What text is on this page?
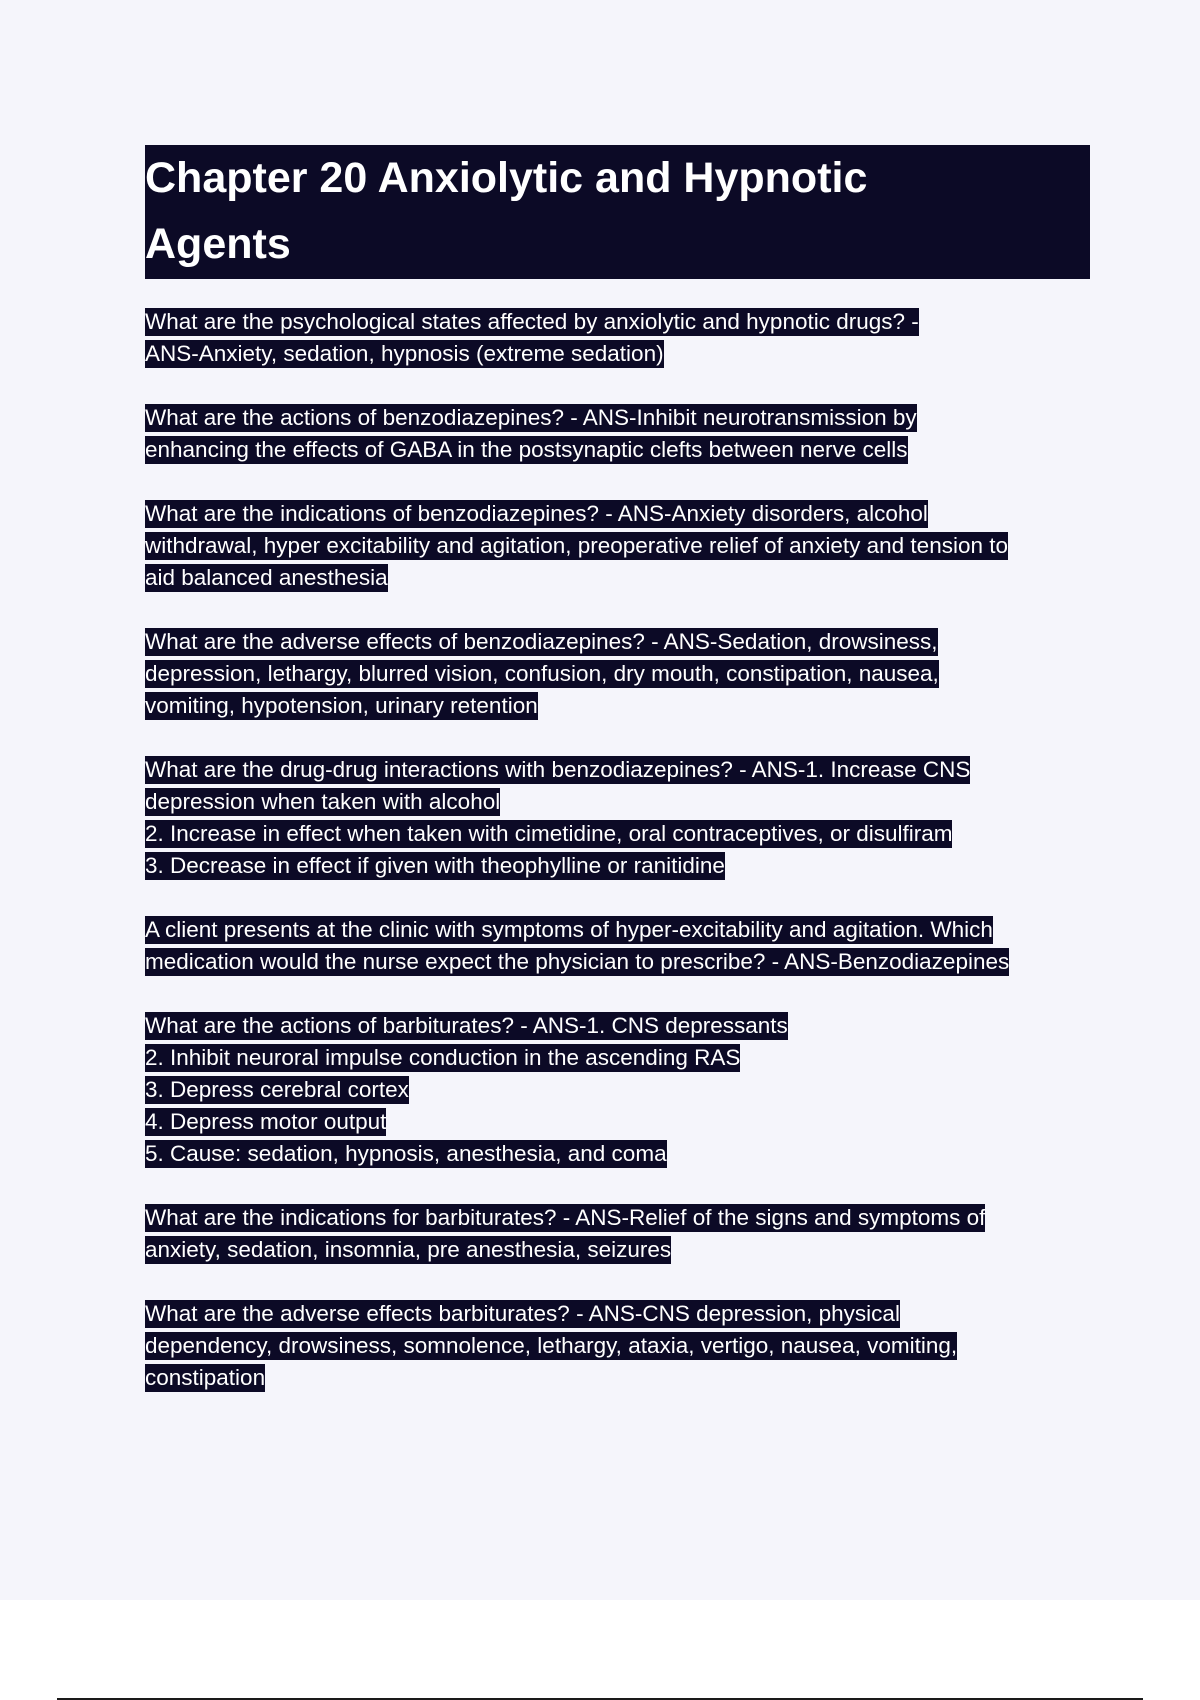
Chapter 20 Anxiolytic and Hypnotic
Agents
What are the psychological states affected by anxiolytic and hypnotic drugs? -
ANS-Anxiety, sedation, hypnosis (extreme sedation)
What are the actions of benzodiazepines? - ANS-Inhibit neurotransmission by
enhancing the effects of GABA in the postsynaptic clefts between nerve cells
What are the indications of benzodiazepines? - ANS-Anxiety disorders, alcohol
withdrawal, hyper excitability and agitation, preoperative relief of anxiety and tension to
aid balanced anesthesia
What are the adverse effects of benzodiazepines? - ANS-Sedation, drowsiness,
depression, lethargy, blurred vision, confusion, dry mouth, constipation, nausea,
vomiting, hypotension, urinary retention
What are the drug-drug interactions with benzodiazepines? - ANS-1. Increase CNS
depression when taken with alcohol
2. Increase in effect when taken with cimetidine, oral contraceptives, or disulfiram
3. Decrease in effect if given with theophylline or ranitidine
A client presents at the clinic with symptoms of hyper-excitability and agitation. Which
medication would the nurse expect the physician to prescribe? - ANS-Benzodiazepines
What are the actions of barbiturates? - ANS-1. CNS depressants
2. Inhibit neuroral impulse conduction in the ascending RAS
3. Depress cerebral cortex
4. Depress motor output
5. Cause: sedation, hypnosis, anesthesia, and coma
What are the indications for barbiturates? - ANS-Relief of the signs and symptoms of
anxiety, sedation, insomnia, pre anesthesia, seizures
What are the adverse effects barbiturates? - ANS-CNS depression, physical
dependency, drowsiness, somnolence, lethargy, ataxia, vertigo, nausea, vomiting,
constipation
